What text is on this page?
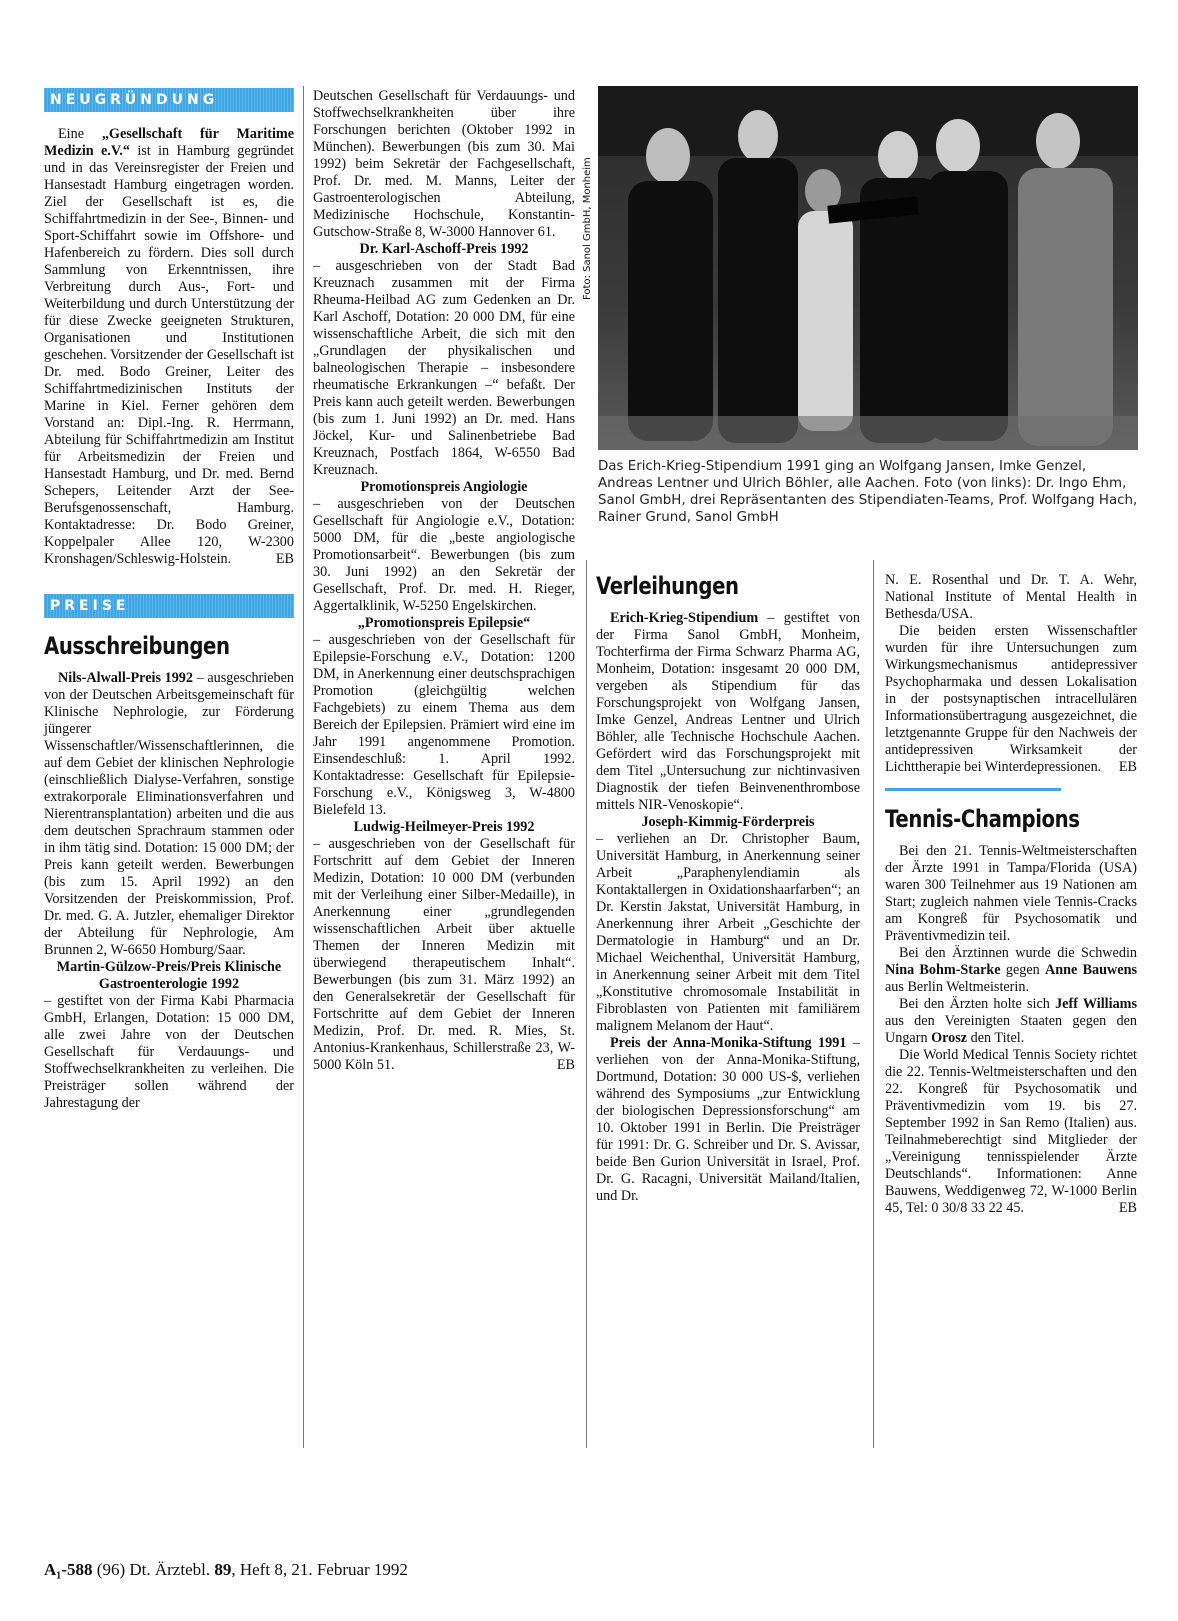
NEUGRÜNDUNG

Eine „Gesellschaft für Maritime Medizin e.V.“ ist in Hamburg gegründet und in das Vereinsregister der Freien und Hansestadt Hamburg eingetragen worden. Ziel der Gesellschaft ist es, die Schiffahrtmedizin in der See-, Binnen- und Sport-Schiffahrt sowie im Offshore- und Hafenbereich zu fördern. Dies soll durch Sammlung von Erkenntnissen, ihre Verbreitung durch Aus-, Fort- und Weiterbildung und durch Unterstützung der für diese Zwecke geeigneten Strukturen, Organisationen und Institutionen geschehen. Vorsitzender der Gesellschaft ist Dr. med. Bodo Greiner, Leiter des Schiffahrtmedizinischen Instituts der Marine in Kiel. Ferner gehören dem Vorstand an: Dipl.-Ing. R. Herrmann, Abteilung für Schiffahrtmedizin am Institut für Arbeitsmedizin der Freien und Hansestadt Hamburg, und Dr. med. Bernd Schepers, Leitender Arzt der See-Berufsgenossenschaft, Hamburg. Kontaktadresse: Dr. Bodo Greiner, Koppelpaler Allee 120, W-2300 Kronshagen/Schleswig-Holstein.	EB

PREISE
Ausschreibungen

Nils-Alwall-Preis 1992 – ausgeschrieben von der Deutschen Arbeitsgemeinschaft für Klinische Nephrologie, zur Förderung jüngerer Wissenschaftler/Wissenschaftlerinnen, die auf dem Gebiet der klinischen Nephrologie (einschließlich Dialyse-Verfahren, sonstige extrakorporale Eliminationsverfahren und Nierentransplantation) arbeiten und die aus dem deutschen Sprachraum stammen oder in ihm tätig sind. Dotation: 15 000 DM; der Preis kann geteilt werden. Bewerbungen (bis zum 15. April 1992) an den Vorsitzenden der Preiskommission, Prof. Dr. med. G. A. Jutzler, ehemaliger Direktor der Abteilung für Nephrologie, Am Brunnen 2, W-6650 Homburg/Saar.

Martin-Gülzow-Preis/Preis Klinische Gastroenterologie 1992
– gestiftet von der Firma Kabi Pharmacia GmbH, Erlangen, Dotation: 15 000 DM, alle zwei Jahre von der Deutschen Gesellschaft für Verdauungs- und Stoffwechselkrankheiten zu verleihen. Die Preisträger sollen während der Jahrestagung der

Deutschen Gesellschaft für Verdauungs- und Stoffwechselkrankheiten über ihre Forschungen berichten (Oktober 1992 in München). Bewerbungen (bis zum 30. Mai 1992) beim Sekretär der Fachgesellschaft, Prof. Dr. med. M. Manns, Leiter der Gastroenterologischen Abteilung, Medizinische Hochschule, Konstantin-Gutschow-Straße 8, W-3000 Hannover 61.

Dr. Karl-Aschoff-Preis 1992
– ausgeschrieben von der Stadt Bad Kreuznach zusammen mit der Firma Rheuma-Heilbad AG zum Gedenken an Dr. Karl Aschoff, Dotation: 20 000 DM, für eine wissenschaftliche Arbeit, die sich mit den „Grundlagen der physikalischen und balneologischen Therapie – insbesondere rheumatische Erkrankungen –“ befaßt. Der Preis kann auch geteilt werden. Bewerbungen (bis zum 1. Juni 1992) an Dr. med. Hans Jöckel, Kur- und Salinenbetriebe Bad Kreuznach, Postfach 1864, W-6550 Bad Kreuznach.

Promotionspreis Angiologie
– ausgeschrieben von der Deutschen Gesellschaft für Angiologie e.V., Dotation: 5000 DM, für die „beste angiologische Promotionsarbeit“. Bewerbungen (bis zum 30. Juni 1992) an den Sekretär der Gesellschaft, Prof. Dr. med. H. Rieger, Aggertalklinik, W-5250 Engelskirchen.

„Promotionspreis Epilepsie“
– ausgeschrieben von der Gesellschaft für Epilepsie-Forschung e.V., Dotation: 1200 DM, in Anerkennung einer deutschsprachigen Promotion (gleichgültig welchen Fachgebiets) zu einem Thema aus dem Bereich der Epilepsien. Prämiert wird eine im Jahr 1991 angenommene Promotion. Einsendeschluß: 1. April 1992. Kontaktadresse: Gesellschaft für Epilepsie-Forschung e.V., Königsweg 3, W-4800 Bielefeld 13.

Ludwig-Heilmeyer-Preis 1992
– ausgeschrieben von der Gesellschaft für Fortschritt auf dem Gebiet der Inneren Medizin, Dotation: 10 000 DM (verbunden mit der Verleihung einer Silber-Medaille), in Anerkennung einer „grundlegenden wissenschaftlichen Arbeit über aktuelle Themen der Inneren Medizin mit überwiegend therapeutischem Inhalt“. Bewerbungen (bis zum 31. März 1992) an den Generalsekretär der Gesellschaft für Fortschritte auf dem Gebiet der Inneren Medizin, Prof. Dr. med. R. Mies, St. Antonius-Krankenhaus, Schillerstraße 23, W-5000 Köln 51.	EB

Foto: Sanol GmbH, Monheim
Das Erich-Krieg-Stipendium 1991 ging an Wolfgang Jansen, Imke Genzel, Andreas Lentner und Ulrich Böhler, alle Aachen. Foto (von links): Dr. Ingo Ehm, Sanol GmbH, drei Repräsentanten des Stipendiaten-Teams, Prof. Wolfgang Hach, Rainer Grund, Sanol GmbH
Verleihungen

Erich-Krieg-Stipendium – gestiftet von der Firma Sanol GmbH, Monheim, Tochterfirma der Firma Schwarz Pharma AG, Monheim, Dotation: insgesamt 20 000 DM, vergeben als Stipendium für das Forschungsprojekt von Wolfgang Jansen, Imke Genzel, Andreas Lentner und Ulrich Böhler, alle Technische Hochschule Aachen. Gefördert wird das Forschungsprojekt mit dem Titel „Untersuchung zur nichtinvasiven Diagnostik der tiefen Beinvenenthrombose mittels NIR-Venoskopie“.

Joseph-Kimmig-Förderpreis
– verliehen an Dr. Christopher Baum, Universität Hamburg, in Anerkennung seiner Arbeit „Paraphenylendiamin als Kontaktallergen in Oxidationshaarfarben“; an Dr. Kerstin Jakstat, Universität Hamburg, in Anerkennung ihrer Arbeit „Geschichte der Dermatologie in Hamburg“ und an Dr. Michael Weichenthal, Universität Hamburg, in Anerkennung seiner Arbeit mit dem Titel „Konstitutive chromosomale Instabilität in Fibroblasten von Patienten mit familiärem malignem Melanom der Haut“.

Preis der Anna-Monika-Stiftung 1991 – verliehen von der Anna-Monika-Stiftung, Dortmund, Dotation: 30 000 US-$, verliehen während des Symposiums „zur Entwicklung der biologischen Depressionsforschung“ am 10. Oktober 1991 in Berlin. Die Preisträger für 1991: Dr. G. Schreiber und Dr. S. Avissar, beide Ben Gurion Universität in Israel, Prof. Dr. G. Racagni, Universität Mailand/Italien, und Dr.

N. E. Rosenthal und Dr. T. A. Wehr, National Institute of Mental Health in Bethesda/USA.

Die beiden ersten Wissenschaftler wurden für ihre Untersuchungen zum Wirkungsmechanismus antidepressiver Psychopharmaka und dessen Lokalisation in der postsynaptischen intracellulären Informationsübertragung ausgezeichnet, die letztgenannte Gruppe für den Nachweis der antidepressiven Wirksamkeit der Lichttherapie bei Winterdepressionen.	EB

Tennis-Champions

Bei den 21. Tennis-Weltmeisterschaften der Ärzte 1991 in Tampa/Florida (USA) waren 300 Teilnehmer aus 19 Nationen am Start; zugleich nahmen viele Tennis-Cracks am Kongreß für Psychosomatik und Präventivmedizin teil.

Bei den Ärztinnen wurde die Schwedin Nina Bohm-Starke gegen Anne Bauwens aus Berlin Weltmeisterin.

Bei den Ärzten holte sich Jeff Williams aus den Vereinigten Staaten gegen den Ungarn Orosz den Titel.

Die World Medical Tennis Society richtet die 22. Tennis-Weltmeisterschaften und den 22. Kongreß für Psychosomatik und Präventivmedizin vom 19. bis 27. September 1992 in San Remo (Italien) aus. Teilnahmeberechtigt sind Mitglieder der „Vereinigung tennisspielender Ärzte Deutschlands“. Informationen: Anne Bauwens, Weddigenweg 72, W-1000 Berlin 45, Tel: 0 30/8 33 22 45.	EB

A₁-588 (96) Dt. Ärztebl. 89, Heft 8, 21. Februar 1992
